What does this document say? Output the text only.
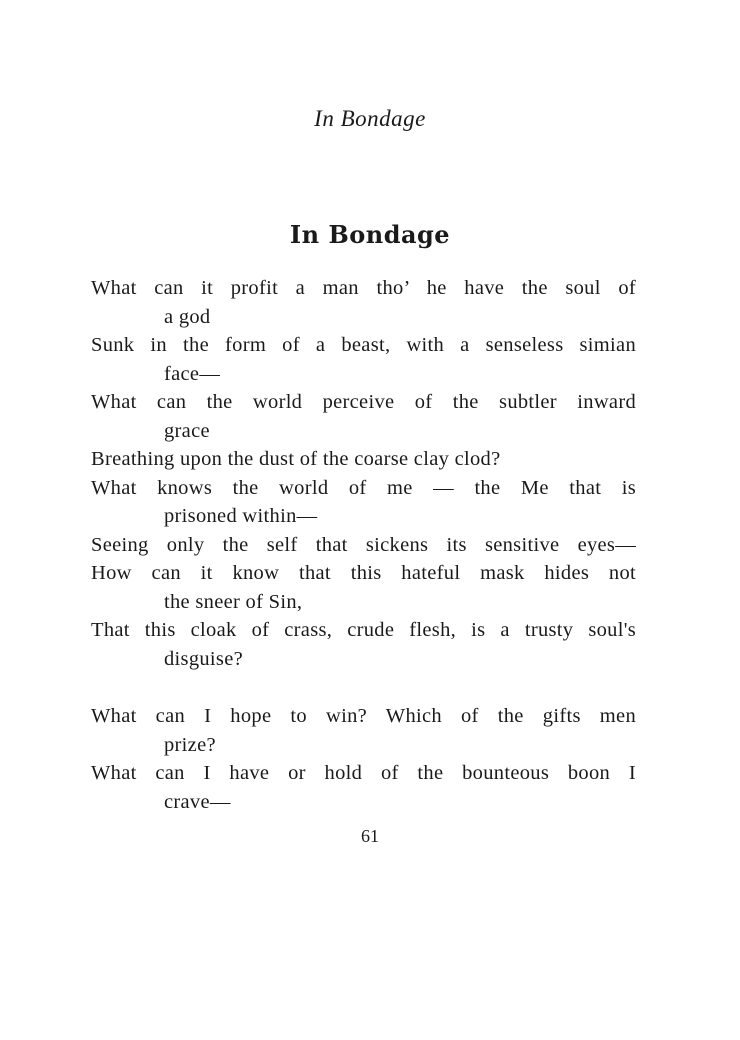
In Bondage
In Bondage
What can it profit a man tho’ he have the soul of
a god
Sunk in the form of a beast, with a senseless simian
face—
What can the world perceive of the subtler inward
grace
Breathing upon the dust of the coarse clay clod?
What knows the world of me — the Me that is
prisoned within—
Seeing only the self that sickens its sensitive eyes—
How can it know that this hateful mask hides not
the sneer of Sin,
That this cloak of crass, crude flesh, is a trusty soul's
disguise?
What can I hope to win? Which of the gifts men
prize?
What can I have or hold of the bounteous boon I
crave—
61
